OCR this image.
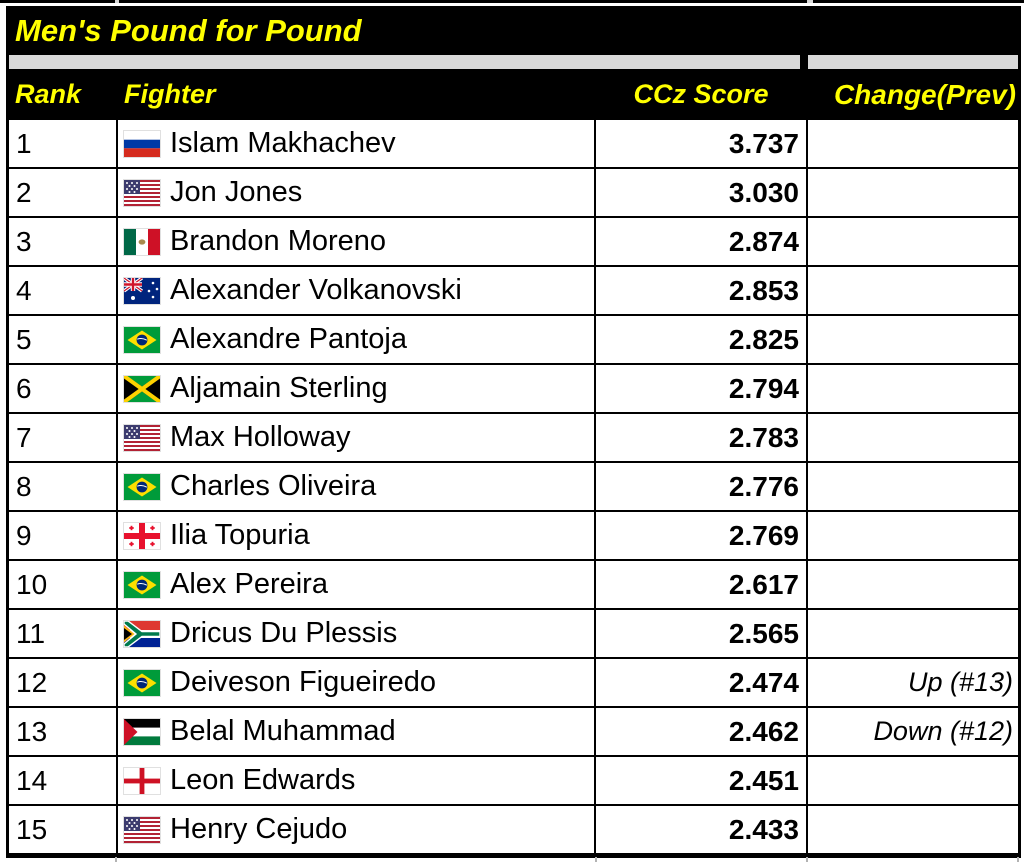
Men's Pound for Pound
Rank	Fighter	CCz Score	Change(Prev)
1	Islam Makhachev	3.737
2	Jon Jones	3.030
3	Brandon Moreno	2.874
4	Alexander Volkanovski	2.853
5	Alexandre Pantoja	2.825
6	Aljamain Sterling	2.794
7	Max Holloway	2.783
8	Charles Oliveira	2.776
9	Ilia Topuria	2.769
10	Alex Pereira	2.617
11	Dricus Du Plessis	2.565
12	Deiveson Figueiredo	2.474	Up (#13)
13	Belal Muhammad	2.462	Down (#12)
14	Leon Edwards	2.451
15	Henry Cejudo	2.433
